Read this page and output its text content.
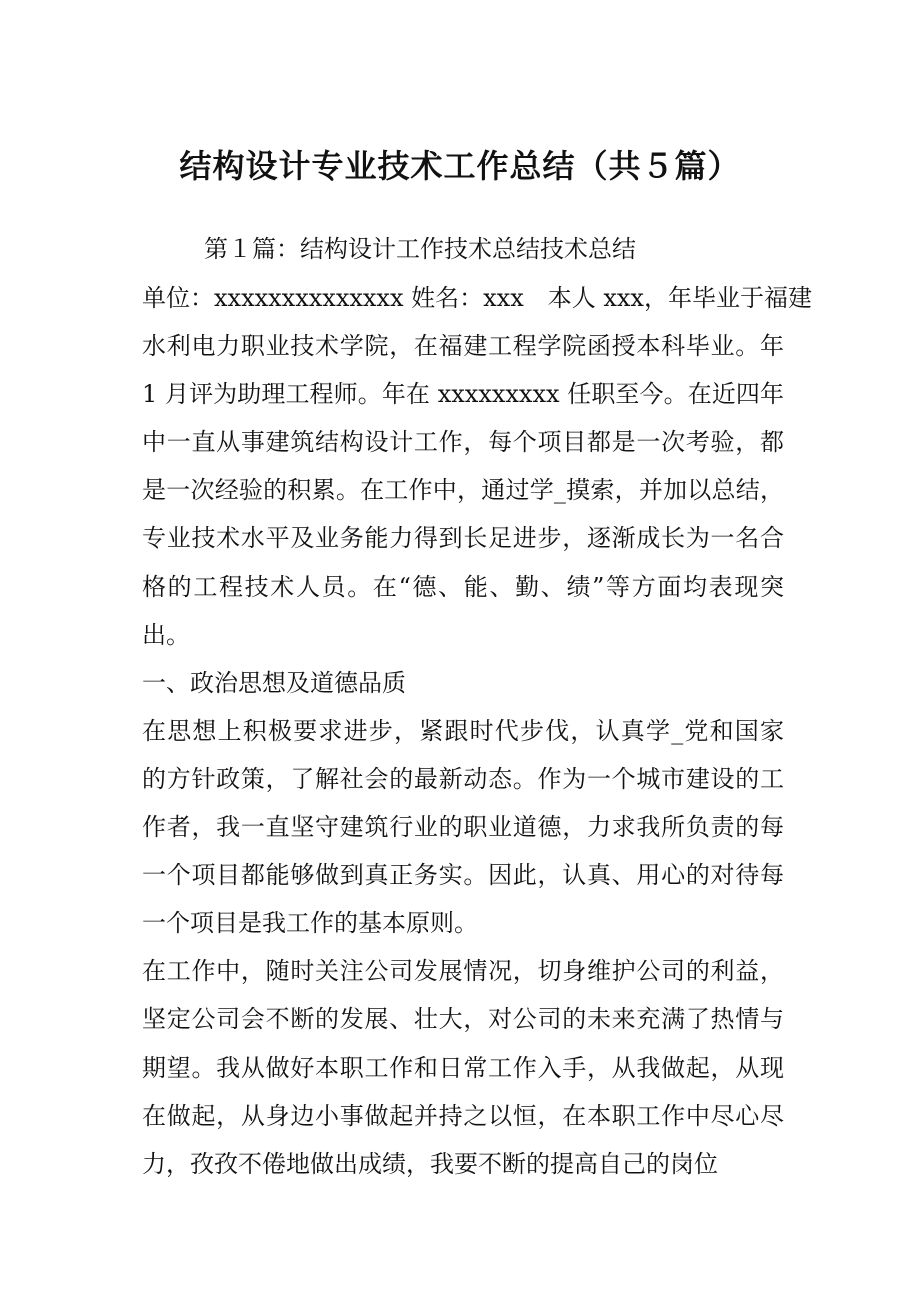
结构设计专业技术工作总结（共５篇）

第１篇：结构设计工作技术总结技术总结

单位：xxxxxxxxxxxxxx 姓名：xxx　本人 xxx，年毕业于福建
水利电力职业技术学院，在福建工程学院函授本科毕业。年
1 月评为助理工程师。年在 xxxxxxxxx 任职至今。在近四年
中一直从事建筑结构设计工作，每个项目都是一次考验，都
是一次经验的积累。在工作中，通过学_摸索，并加以总结，
专业技术水平及业务能力得到长足进步，逐渐成长为一名合
格的工程技术人员。在“德、能、勤、绩”等方面均表现突
出。
一、政治思想及道德品质
在思想上积极要求进步，紧跟时代步伐，认真学_党和国家
的方针政策，了解社会的最新动态。作为一个城市建设的工
作者，我一直坚守建筑行业的职业道德，力求我所负责的每
一个项目都能够做到真正务实。因此，认真、用心的对待每
一个项目是我工作的基本原则。
在工作中，随时关注公司发展情况，切身维护公司的利益，
坚定公司会不断的发展、壮大，对公司的未来充满了热情与
期望。我从做好本职工作和日常工作入手，从我做起，从现
在做起，从身边小事做起并持之以恒，在本职工作中尽心尽
力，孜孜不倦地做出成绩，我要不断的提高自己的岗位
